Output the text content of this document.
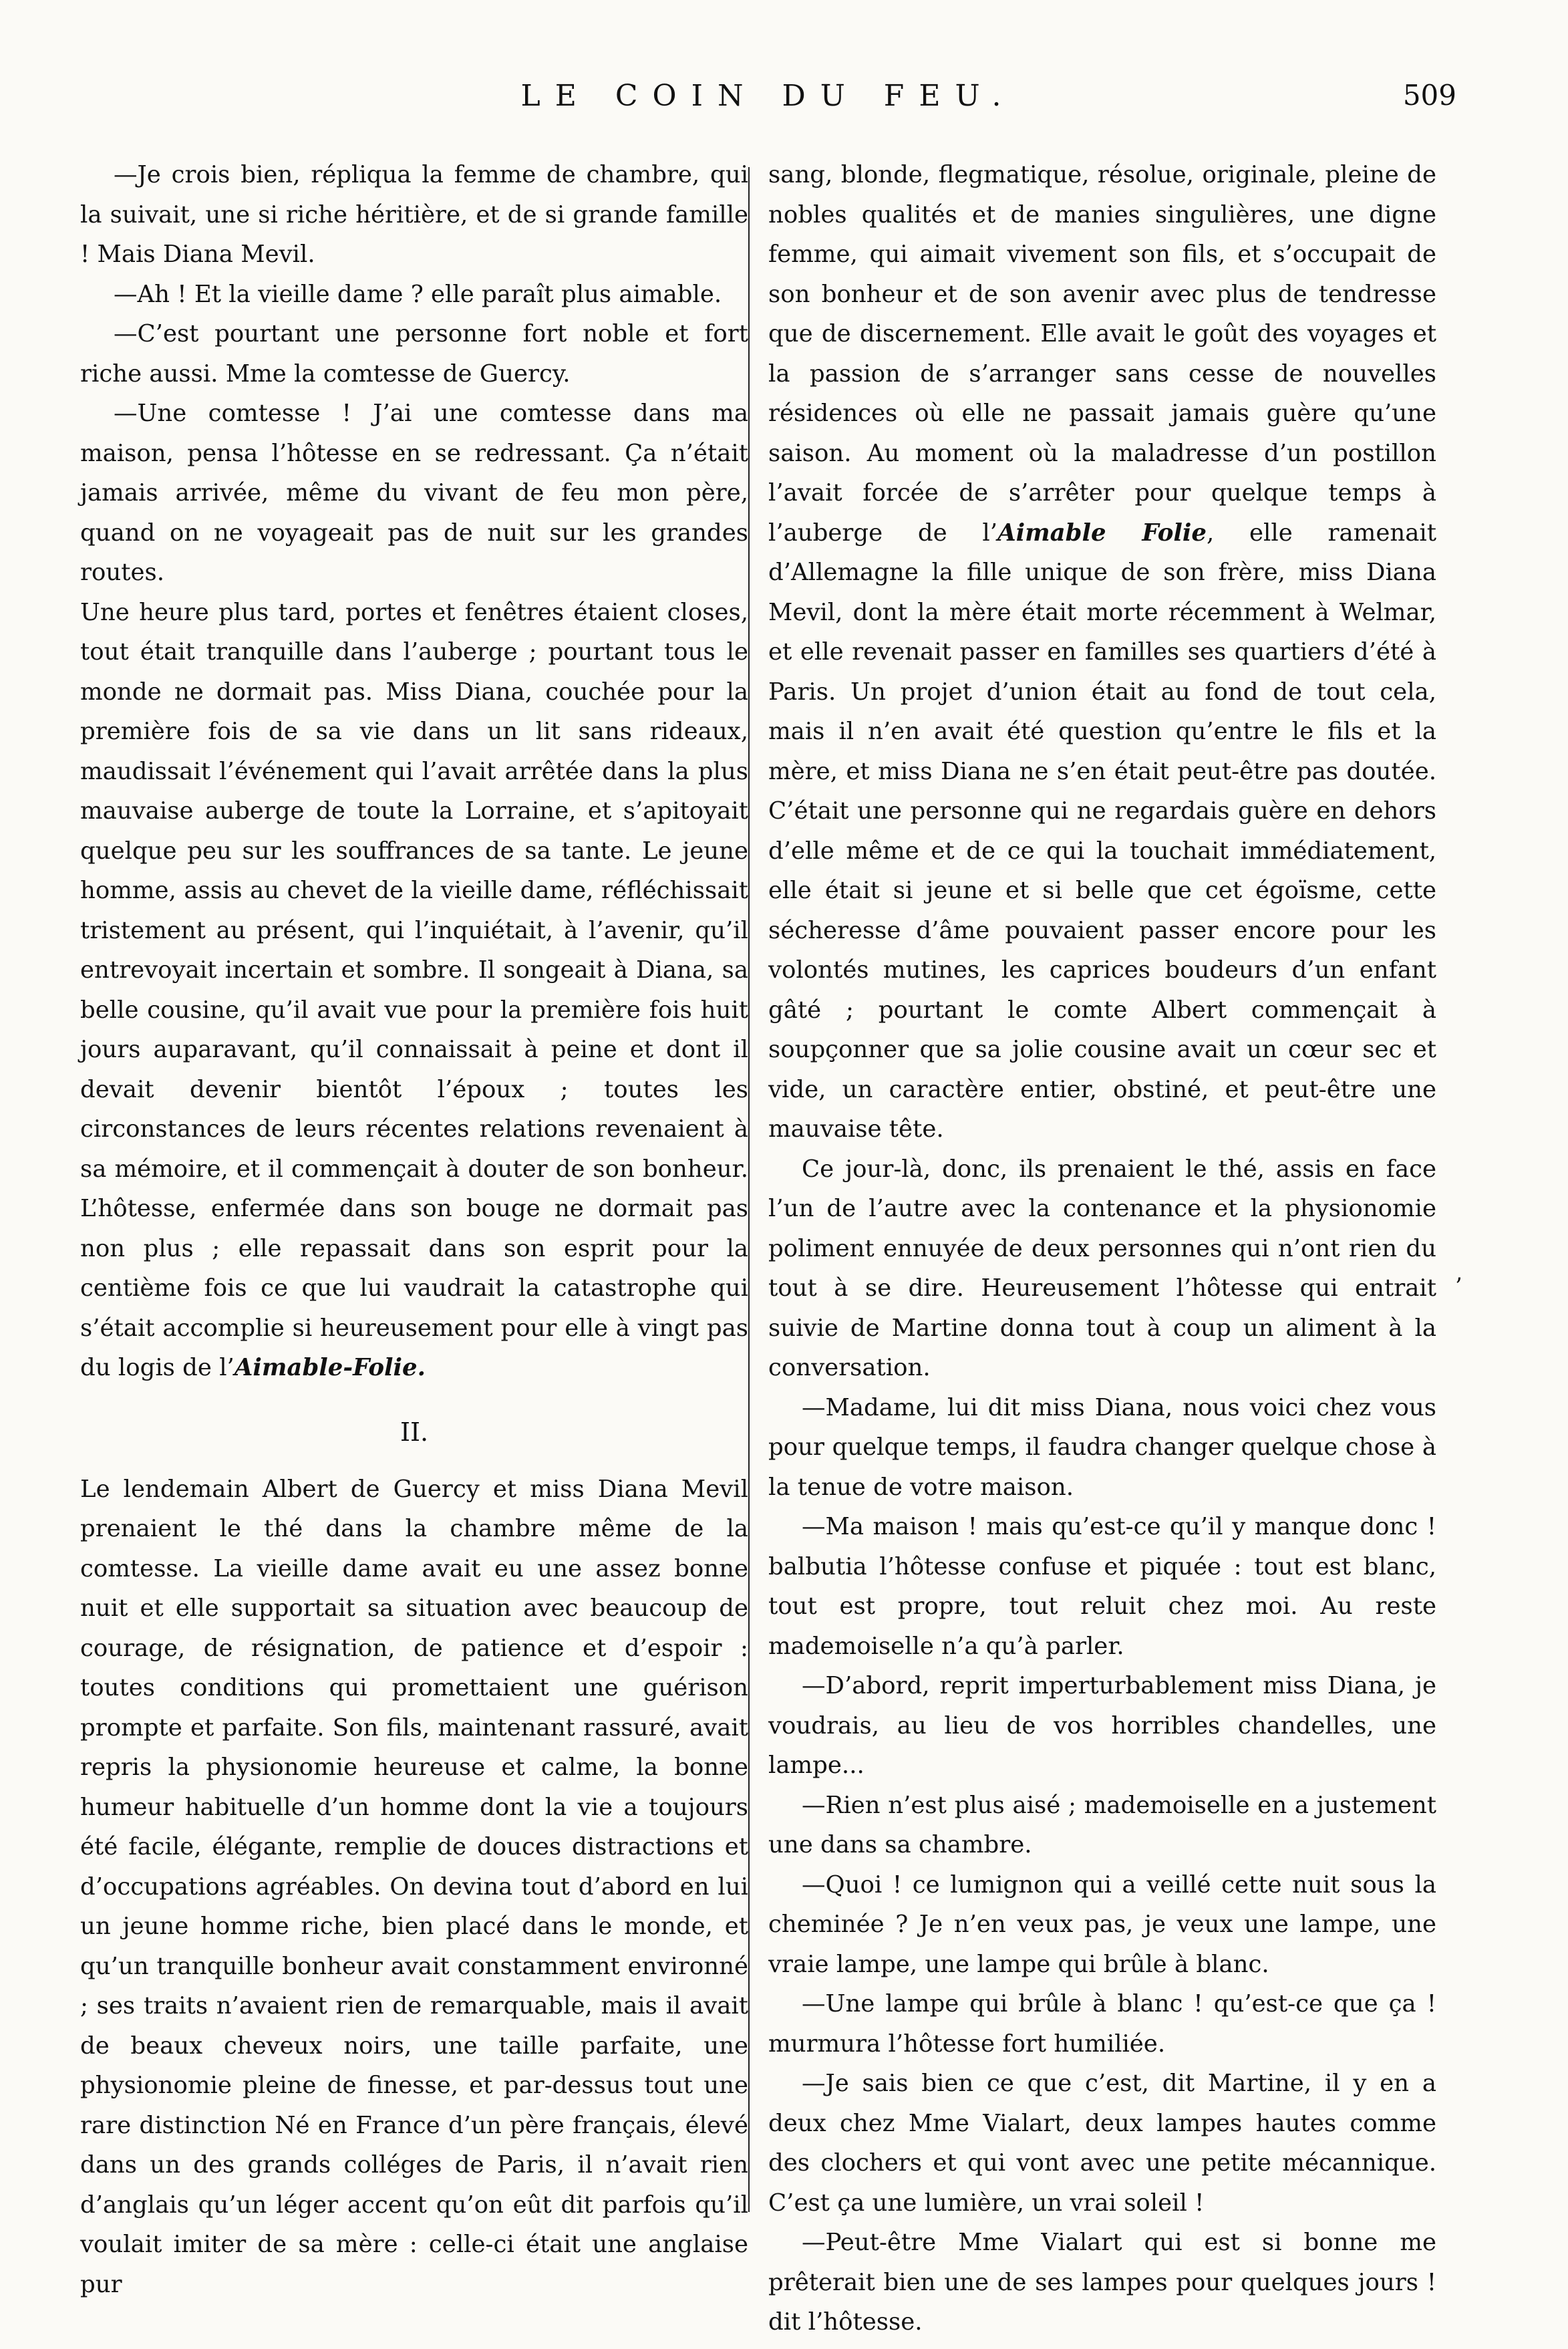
LE COIN DU FEU.	509

—Je crois bien, répliqua la femme de chambre, qui la suivait, une si riche héritière, et de si grande famille ! Mais Diana Mevil.

—Ah ! Et la vieille dame ? elle paraît plus aimable.

—C’est pourtant une personne fort noble et fort riche aussi. Mme la comtesse de Guercy.

—Une comtesse ! J’ai une comtesse dans ma maison, pensa l’hôtesse en se redressant. Ça n’était jamais arrivée, même du vivant de feu mon père, quand on ne voyageait pas de nuit sur les grandes routes.

Une heure plus tard, portes et fenêtres étaient closes, tout était tranquille dans l’auberge ; pourtant tous le monde ne dormait pas. Miss Diana, couchée pour la première fois de sa vie dans un lit sans rideaux, maudissait l’événement qui l’avait arrêtée dans la plus mauvaise auberge de toute la Lorraine, et s’apitoyait quelque peu sur les souffrances de sa tante. Le jeune homme, assis au chevet de la vieille dame, réfléchissait tristement au présent, qui l’inquiétait, à l’avenir, qu’il entrevoyait incertain et sombre. Il songeait à Diana, sa belle cousine, qu’il avait vue pour la première fois huit jours auparavant, qu’il connaissait à peine et dont il devait devenir bientôt l’époux ; toutes les circonstances de leurs récentes relations revenaient à sa mémoire, et il commençait à douter de son bonheur. L’hôtesse, enfermée dans son bouge ne dormait pas non plus ; elle repassait dans son esprit pour la centième fois ce que lui vaudrait la catastrophe qui s’était accomplie si heureusement pour elle à vingt pas du logis de l’Aimable-Folie.

II.

Le lendemain Albert de Guercy et miss Diana Mevil prenaient le thé dans la chambre même de la comtesse. La vieille dame avait eu une assez bonne nuit et elle supportait sa situation avec beaucoup de courage, de résignation, de patience et d’espoir : toutes conditions qui promettaient une guérison prompte et parfaite. Son fils, maintenant rassuré, avait repris la physionomie heureuse et calme, la bonne humeur habituelle d’un homme dont la vie a toujours été facile, élégante, remplie de douces distractions et d’occupations agréables. On devina tout d’abord en lui un jeune homme riche, bien placé dans le monde, et qu’un tranquille bonheur avait constamment environné ; ses traits n’avaient rien de remarquable, mais il avait de beaux cheveux noirs, une taille parfaite, une physionomie pleine de finesse, et par-dessus tout une rare distinction Né en France d’un père français, élevé dans un des grands colléges de Paris, il n’avait rien d’anglais qu’un léger accent qu’on eût dit parfois qu’il voulait imiter de sa mère : celle-ci était une anglaise pur

sang, blonde, flegmatique, résolue, originale, pleine de nobles qualités et de manies singulières, une digne femme, qui aimait vivement son fils, et s’occupait de son bonheur et de son avenir avec plus de tendresse que de discernement. Elle avait le goût des voyages et la passion de s’arranger sans cesse de nouvelles résidences où elle ne passait jamais guère qu’une saison. Au moment où la maladresse d’un postillon l’avait forcée de s’arrêter pour quelque temps à l’auberge de l’Aimable Folie, elle ramenait d’Allemagne la fille unique de son frère, miss Diana Mevil, dont la mère était morte récemment à Welmar, et elle revenait passer en familles ses quartiers d’été à Paris. Un projet d’union était au fond de tout cela, mais il n’en avait été question qu’entre le fils et la mère, et miss Diana ne s’en était peut-être pas doutée. C’était une personne qui ne regardais guère en dehors d’elle même et de ce qui la touchait immédiatement, elle était si jeune et si belle que cet égoïsme, cette sécheresse d’âme pouvaient passer encore pour les volontés mutines, les caprices boudeurs d’un enfant gâté ; pourtant le comte Albert commençait à soupçonner que sa jolie cousine avait un cœur sec et vide, un caractère entier, obstiné, et peut-être une mauvaise tête.

Ce jour-là, donc, ils prenaient le thé, assis en face l’un de l’autre avec la contenance et la physionomie poliment ennuyée de deux personnes qui n’ont rien du tout à se dire. Heureusement l’hôtesse qui entrait suivie de Martine donna tout à coup un aliment à la conversation.

—Madame, lui dit miss Diana, nous voici chez vous pour quelque temps, il faudra changer quelque chose à la tenue de votre maison.

—Ma maison ! mais qu’est-ce qu’il y manque donc ! balbutia l’hôtesse confuse et piquée : tout est blanc, tout est propre, tout reluit chez moi. Au reste mademoiselle n’a qu’à parler.

—D’abord, reprit imperturbablement miss Diana, je voudrais, au lieu de vos horribles chandelles, une lampe...

—Rien n’est plus aisé ; mademoiselle en a justement une dans sa chambre.

—Quoi ! ce lumignon qui a veillé cette nuit sous la cheminée ? Je n’en veux pas, je veux une lampe, une vraie lampe, une lampe qui brûle à blanc.

—Une lampe qui brûle à blanc ! qu’est-ce que ça ! murmura l’hôtesse fort humiliée.

—Je sais bien ce que c’est, dit Martine, il y en a deux chez Mme Vialart, deux lampes hautes comme des clochers et qui vont avec une petite mécannique. C’est ça une lumière, un vrai soleil !

—Peut-être Mme Vialart qui est si bonne me prêterait bien une de ses lampes pour quelques jours ! dit l’hôtesse.

’
